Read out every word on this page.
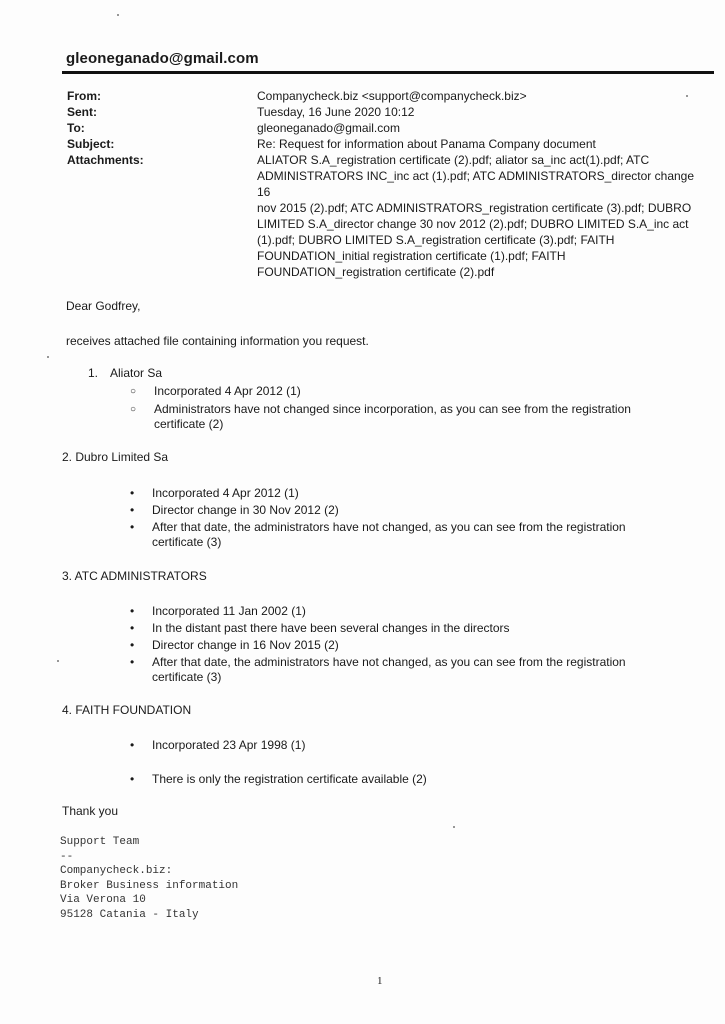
gleoneganado@gmail.com
From:
Sent:
To:
Subject:
Attachments:
Companycheck.biz <support@companycheck.biz>
Tuesday, 16 June 2020 10:12
gleoneganado@gmail.com
Re: Request for information about Panama Company document
ALIATOR S.A_registration certificate (2).pdf; aliator sa_inc act(1).pdf; ATC
ADMINISTRATORS INC_inc act (1).pdf; ATC ADMINISTRATORS_director change 16
nov 2015 (2).pdf; ATC ADMINISTRATORS_registration certificate (3).pdf; DUBRO
LIMITED S.A_director change 30 nov 2012 (2).pdf; DUBRO LIMITED S.A_inc act
(1).pdf; DUBRO LIMITED S.A_registration certificate (3).pdf; FAITH
FOUNDATION_initial registration certificate (1).pdf; FAITH
FOUNDATION_registration certificate (2).pdf
Dear Godfrey,
receives attached file containing information you request.
1. Aliator Sa
○ Incorporated 4 Apr 2012 (1)
○ Administrators have not changed since incorporation, as you can see from the registration certificate (2)
2. Dubro Limited Sa
• Incorporated 4 Apr 2012 (1)
• Director change in 30 Nov 2012 (2)
• After that date, the administrators have not changed, as you can see from the registration certificate (3)
3. ATC ADMINISTRATORS
• Incorporated 11 Jan 2002 (1)
• In the distant past there have been several changes in the directors
• Director change in 16 Nov 2015 (2)
• After that date, the administrators have not changed, as you can see from the registration certificate (3)
4. FAITH FOUNDATION
• Incorporated 23 Apr 1998 (1)
• There is only the registration certificate available (2)
Thank you
Support Team
--
Companycheck.biz:
Broker Business information
Via Verona 10
95128 Catania - Italy
1
